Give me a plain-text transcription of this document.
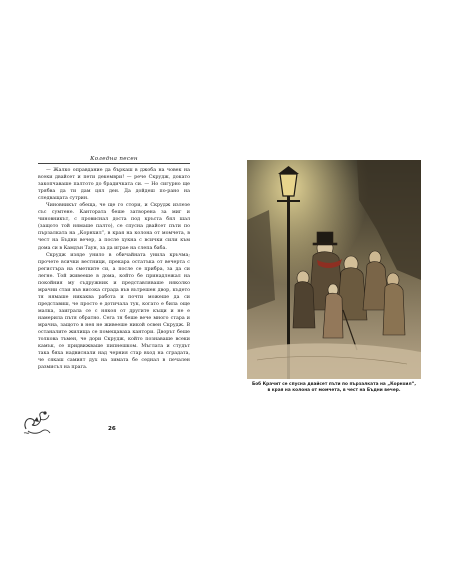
Коледна песен

— Жалко оправдание да бъркаш в джоба на човек на всеки двайсет и пети декември! — рече Скрудж, докато закопчаваше палтото до брадичката си. — Но сигурно ще трябва да ти дам цял ден. Да дойдеш по-рано на следващата сутрин.

Чиновникът обеща, че ще го стори, и Скрудж излезе със сумтене. Кантората беше затворена за миг и чиновникът, с провиснал доста под кръста бял шал (защото той нямаше палто), се спусна двайсет пъти по пързалката на „Корнхил“, в края на колона от момчета, в чест на Бъдни вечер, а после хукна с всички сили към дома си в Камдън Таун, за да играе на слепа баба.

Скрудж изяде унило в обичайната унила кръчма; прочете всички вестници, прекара остатъка от вечерта с регистъра на сметките си, а после се прибра, за да си легне. Той живееше в дома, който бе принадлежал на покойния му съдружник и представляваше няколко мрачни стаи във висока сграда във вътрешен двор, където тя нямаше никаква работа и почти можеше да си представиш, че просто е дотичала тук, когато е била още малка, заиграла се с някоя от другите къщи и не е намерила пътя обратно. Сега тя беше вече много стара и мрачна, защото в нея не живееше никой освен Скрудж. В останалите жилища се помещаваха кантори. Дворът беше толкова тъмен, че дори Скрудж, който познаваше всеки камък, се придвижваше пипнешком. Мъглата и студът така бяха надвиснали над черния стар вход на сградата, че сякаш самият дух на зимата бе седнал в печален размисъл на прага.

26
Боб Крачит се спусна двайсет пъти по пързалката на „Корнхил“,
в края на колона от момчета, в чест на Бъдни вечер.
